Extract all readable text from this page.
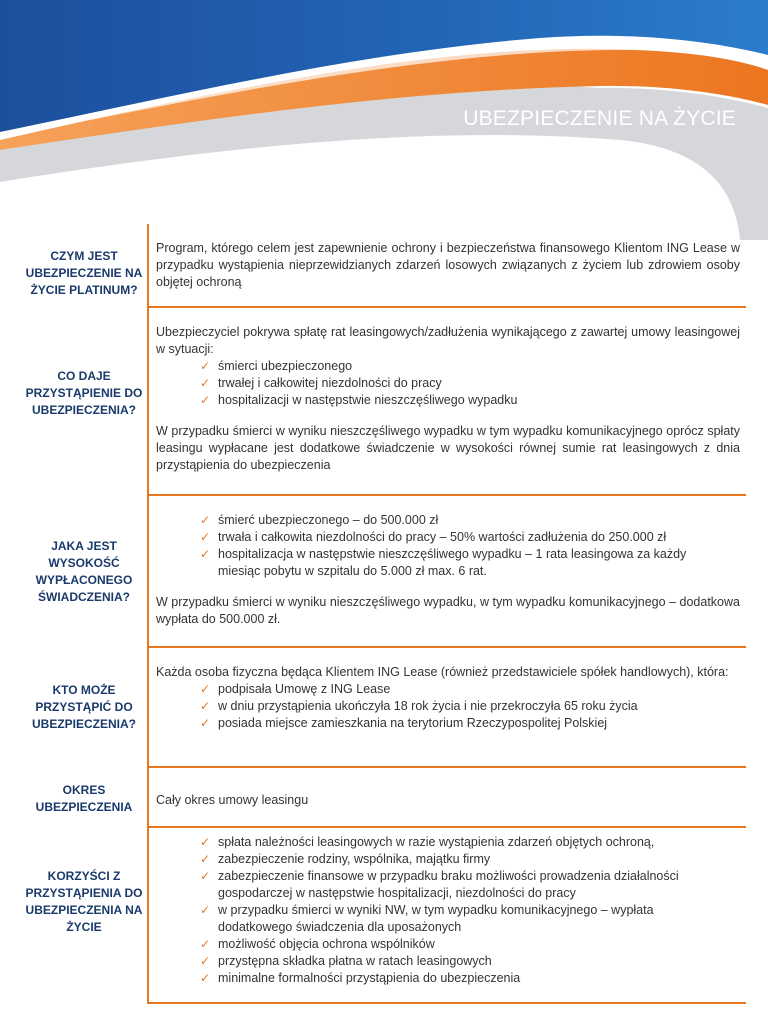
UBEZPIECZENIE NA ŻYCIE
CZYM JEST UBEZPIECZENIE NA ŻYCIE PLATINUM?

Program, którego celem jest zapewnienie ochrony i bezpieczeństwa finansowego Klientom ING Lease w przypadku wystąpienia nieprzewidzianych zdarzeń losowych związanych z życiem lub zdrowiem osoby objętej ochroną

CO DAJE PRZYSTĄPIENIE DO UBEZPIECZENIA?

Ubezpieczyciel pokrywa spłatę rat leasingowych/zadłużenia wynikającego z zawartej umowy leasingowej w sytuacji:

✓ śmierci ubezpieczonego
✓ trwałej i całkowitej niezdolności do pracy
✓ hospitalizacji w następstwie nieszczęśliwego wypadku

W przypadku śmierci w wyniku nieszczęśliwego wypadku w tym wypadku komunikacyjnego oprócz spłaty leasingu wypłacane jest dodatkowe świadczenie w wysokości równej sumie rat leasingowych z dnia przystąpienia do ubezpieczenia

JAKA JEST WYSOKOŚĆ WYPŁACONEGO ŚWIADCZENIA?
✓ śmierć ubezpieczonego – do 500.000 zł
✓ trwała i całkowita niezdolności do pracy – 50% wartości zadłużenia do 250.000 zł
✓ hospitalizacja w następstwie nieszczęśliwego wypadku – 1 rata leasingowa za każdy miesiąc pobytu w szpitalu do 5.000 zł max. 6 rat.

W przypadku śmierci w wyniku nieszczęśliwego wypadku, w tym wypadku komunikacyjnego – dodatkowa wypłata do 500.000 zł.

KTO MOŻE PRZYSTĄPIĆ DO UBEZPIECZENIA?

Każda osoba fizyczna będąca Klientem ING Lease (również przedstawiciele spółek handlowych), która:

✓ podpisała Umowę z ING Lease
✓ w dniu przystąpienia ukończyła 18 rok życia i nie przekroczyła 65 roku życia
✓ posiada miejsce zamieszkania na terytorium Rzeczypospolitej Polskiej
OKRES UBEZPIECZENIA	Cały okres umowy leasingu

KORZYŚCI Z PRZYSTĄPIENIA DO UBEZPIECZENIA NA ŻYCIE
✓ spłata należności leasingowych w razie wystąpienia zdarzeń objętych ochroną,
✓ zabezpieczenie rodziny, wspólnika, majątku firmy
✓ zabezpieczenie finansowe w przypadku braku możliwości prowadzenia działalności gospodarczej w następstwie hospitalizacji, niezdolności do pracy
✓ w przypadku śmierci w wyniki NW, w tym wypadku komunikacyjnego – wypłata dodatkowego świadczenia dla uposażonych
✓ możliwość objęcia ochrona wspólników
✓ przystępna składka płatna w ratach leasingowych
✓ minimalne formalności przystąpienia do ubezpieczenia
